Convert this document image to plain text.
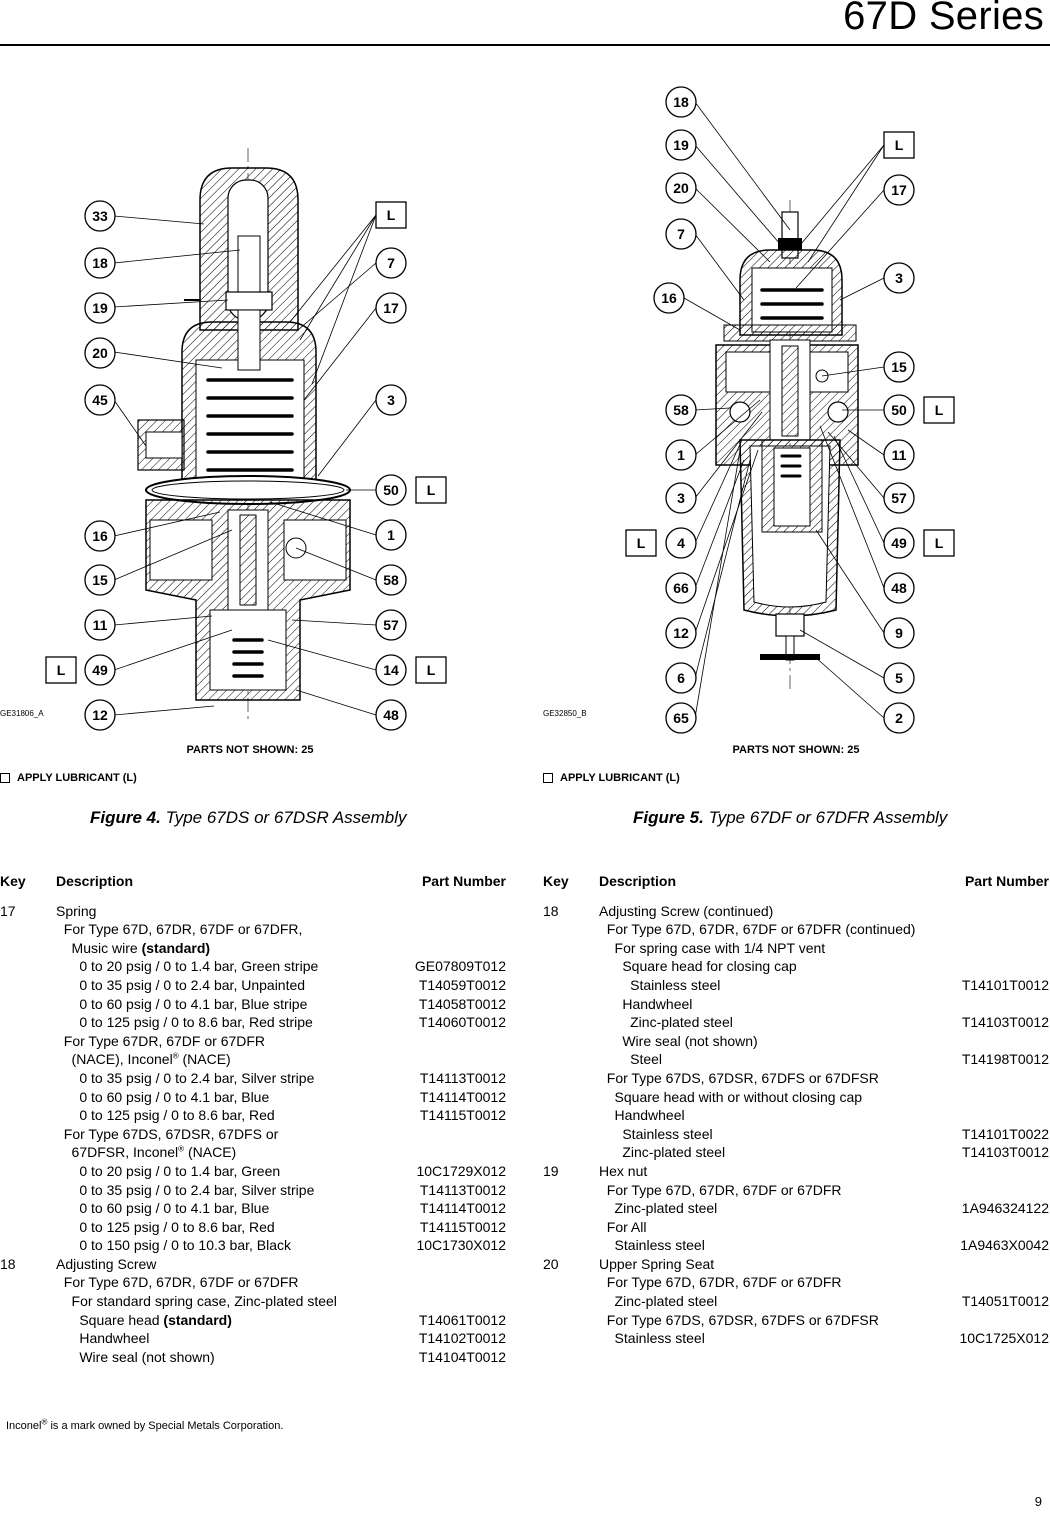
67D Series
33
18
19
20
45
16
15
11
49
12
7
17
3
50
1
58
57
14
48
L
L
L
L
GE31806_A
PARTS NOT SHOWN: 25
APPLY LUBRICANT (L)
Figure 4. Type 67DS or 67DSR Assembly
18
19
20
7
16
58
1
3
4
66
12
6
65
17
3
15
50
11
57
49
48
9
5
2
L
L
L
L
GE32850_B
PARTS NOT SHOWN: 25
APPLY LUBRICANT (L)
Figure 5. Type 67DF or 67DFR Assembly
Key	Description	Part Number
17	Spring
For Type 67D, 67DR, 67DF or 67DFR,
Music wire (standard)
0 to 20 psig / 0 to 1.4 bar, Green stripe	GE07809T012
0 to 35 psig / 0 to 2.4 bar, Unpainted	T14059T0012
0 to 60 psig / 0 to 4.1 bar, Blue stripe	T14058T0012
0 to 125 psig / 0 to 8.6 bar, Red stripe	T14060T0012
For Type 67DR, 67DF or 67DFR
(NACE), Inconel® (NACE)
0 to 35 psig / 0 to 2.4 bar, Silver stripe	T14113T0012
0 to 60 psig / 0 to 4.1 bar, Blue	T14114T0012
0 to 125 psig / 0 to 8.6 bar, Red	T14115T0012
For Type 67DS, 67DSR, 67DFS or
67DFSR, Inconel® (NACE)
0 to 20 psig / 0 to 1.4 bar, Green	10C1729X012
0 to 35 psig / 0 to 2.4 bar, Silver stripe	T14113T0012
0 to 60 psig / 0 to 4.1 bar, Blue	T14114T0012
0 to 125 psig / 0 to 8.6 bar, Red	T14115T0012
0 to 150 psig / 0 to 10.3 bar, Black	10C1730X012
18	Adjusting Screw
For Type 67D, 67DR, 67DF or 67DFR
For standard spring case, Zinc-plated steel
Square head (standard)	T14061T0012
Handwheel	T14102T0012
Wire seal (not shown)	T14104T0012
Key	Description	Part Number
18	Adjusting Screw (continued)
For Type 67D, 67DR, 67DF or 67DFR (continued)
For spring case with 1/4 NPT vent
Square head for closing cap
Stainless steel	T14101T0012
Handwheel
Zinc-plated steel	T14103T0012
Wire seal (not shown)
Steel	T14198T0012
For Type 67DS, 67DSR, 67DFS or 67DFSR
Square head with or without closing cap
Handwheel
Stainless steel	T14101T0022
Zinc-plated steel	T14103T0012
19	Hex nut
For Type 67D, 67DR, 67DF or 67DFR
Zinc-plated steel	1A946324122
For All
Stainless steel	1A9463X0042
20	Upper Spring Seat
For Type 67D, 67DR, 67DF or 67DFR
Zinc-plated steel	T14051T0012
For Type 67DS, 67DSR, 67DFS or 67DFSR
Stainless steel	10C1725X012
Inconel® is a mark owned by Special Metals Corporation.
9
